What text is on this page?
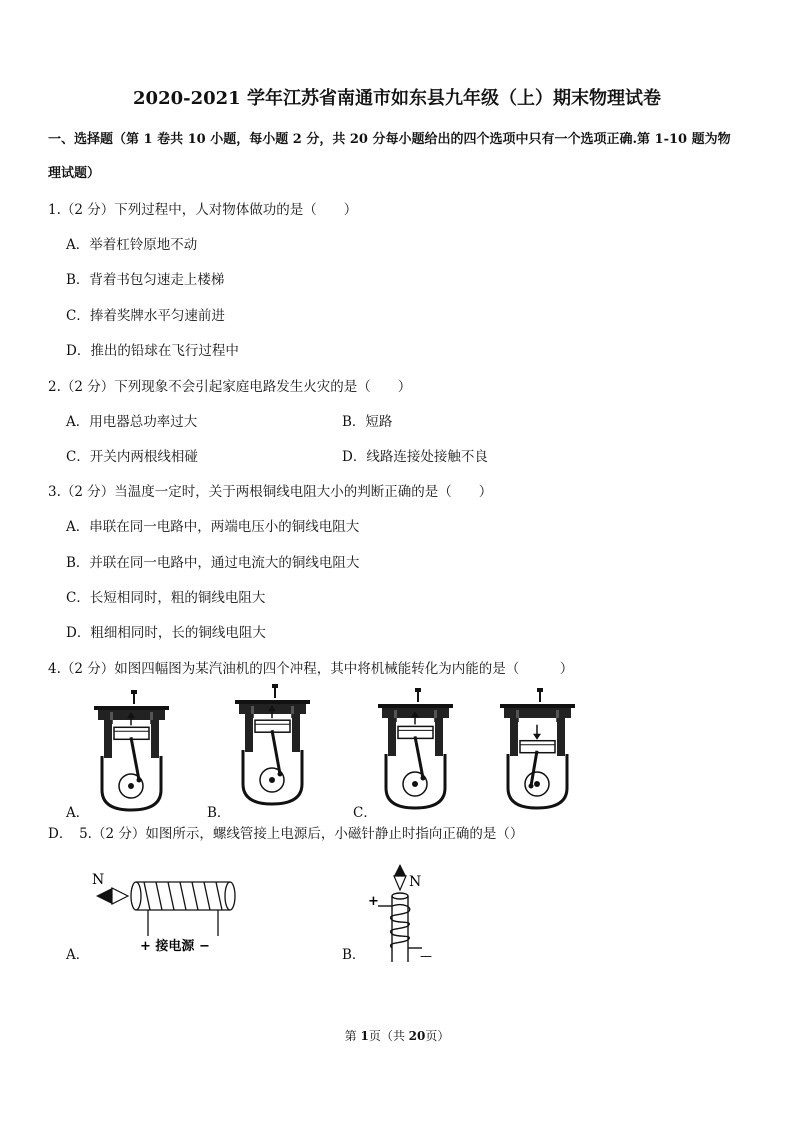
2020-2021 学年江苏省南通市如东县九年级（上）期末物理试卷
一、选择题（第 1 卷共 10 小题，每小题 2 分，共 20 分每小题给出的四个选项中只有一个选项正确.第 1-10 题为物
理试题）
1.（2 分）下列过程中，人对物体做功的是（　　）
A．举着杠铃原地不动
B．背着书包匀速走上楼梯
C．捧着奖牌水平匀速前进
D．推出的铅球在飞行过程中
2.（2 分）下列现象不会引起家庭电路发生火灾的是（　　）
A．用电器总功率过大	B．短路
C．开关内两根线相碰	D．线路连接处接触不良
3.（2 分）当温度一定时，关于两根铜线电阻大小的判断正确的是（　　）
A．串联在同一电路中，两端电压小的铜线电阻大
B．并联在同一电路中，通过电流大的铜线电阻大
C．长短相同时，粗的铜线电阻大
D．粗细相同时，长的铜线电阻大
4.（2 分）如图四幅图为某汽油机的四个冲程，其中将机械能转化为内能的是（　　　）
A．	B．	C．
D．　5.（2 分）如图所示，螺线管接上电源后，小磁针静止时指向正确的是（）
N
+ 接电源 −
N
+
—
A．	B．
第 1页（共 20页）
